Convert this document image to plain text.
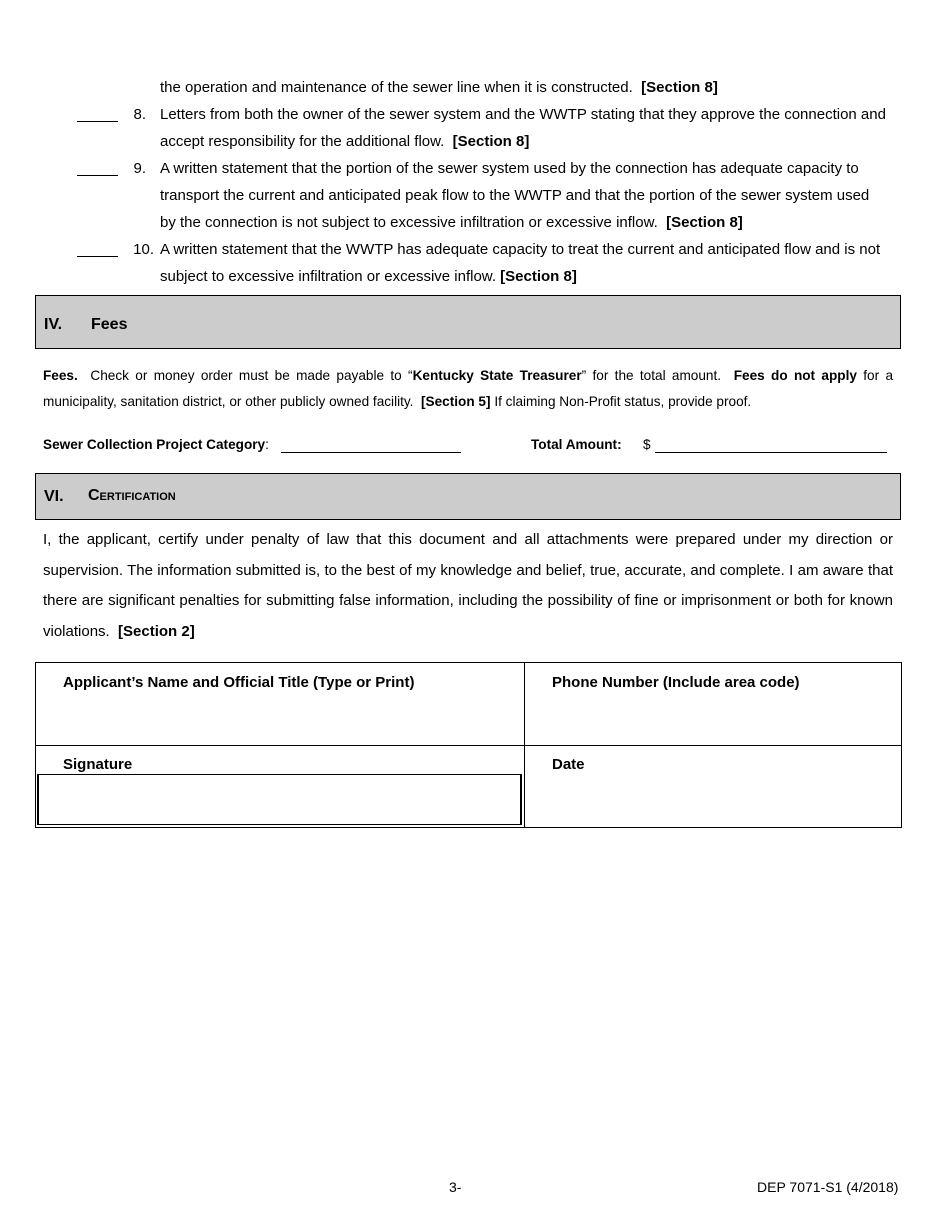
the operation and maintenance of the sewer line when it is constructed. [Section 8]
8. Letters from both the owner of the sewer system and the WWTP stating that they approve the connection and accept responsibility for the additional flow. [Section 8]
9. A written statement that the portion of the sewer system used by the connection has adequate capacity to transport the current and anticipated peak flow to the WWTP and that the portion of the sewer system used by the connection is not subject to excessive infiltration or excessive inflow. [Section 8]
10. A written statement that the WWTP has adequate capacity to treat the current and anticipated flow and is not subject to excessive infiltration or excessive inflow. [Section 8]
IV. Fees
Fees. Check or money order must be made payable to “Kentucky State Treasurer” for the total amount. Fees do not apply for a municipality, sanitation district, or other publicly owned facility. [Section 5] If claiming Non-Profit status, provide proof.
Sewer Collection Project Category:	Total Amount: $
VI. Certification
I, the applicant, certify under penalty of law that this document and all attachments were prepared under my direction or supervision. The information submitted is, to the best of my knowledge and belief, true, accurate, and complete. I am aware that there are significant penalties for submitting false information, including the possibility of fine or imprisonment or both for known violations. [Section 2]
Applicant’s Name and Official Title (Type or Print)	Phone Number (Include area code)
Signature	Date
3-	DEP 7071-S1 (4/2018)
